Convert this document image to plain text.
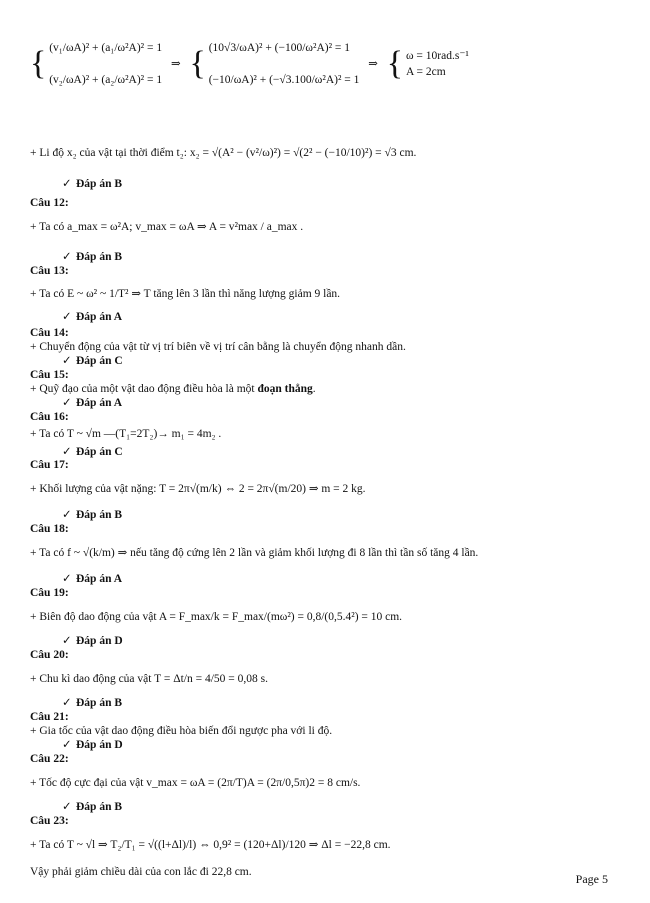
{ (v₁/ωA)² + (a₁/ω²A)² = 1

(v₂/ωA)² + (a₂/ω²A)² = 1 ⇒ { (10√3/ωA)² + (−100/ω²A)² = 1

(−10/ωA)² + (−√3.100/ω²A)² = 1 ⇒ { ω = 10rad.s⁻¹
A = 2cm
+ Li độ x₂ của vật tại thời điểm t₂: x₂ = √(A² − (v²/ω)²) = √(2² − (−10/10)²) = √3 cm.
✓ Đáp án B
Câu 12:
+ Ta có a_max = ω²A; v_max = ωA ⇒ A = v²max / a_max .
✓ Đáp án B
Câu 13:
+ Ta có E ~ ω² ~ 1/T² ⇒ T tăng lên 3 lần thì năng lượng giảm 9 lần.
✓ Đáp án A
Câu 14:
+ Chuyển động của vật từ vị trí biên về vị trí cân bằng là chuyển động nhanh dần.
✓ Đáp án C
Câu 15:
+ Quỹ đạo của một vật dao động điều hòa là một đoạn thẳng.
✓ Đáp án A
Câu 16:
+ Ta có T ~ √m —(T₁=2T₂)→ m₁ = 4m₂ .
✓ Đáp án C
Câu 17:
+ Khối lượng của vật nặng: T = 2π√(m/k) ⇔ 2 = 2π√(m/20) ⇒ m = 2 kg.
✓ Đáp án B
Câu 18:
+ Ta có f ~ √(k/m) ⇒ nếu tăng độ cứng lên 2 lần và giảm khối lượng đi 8 lần thì tần số tăng 4 lần.
✓ Đáp án A
Câu 19:
+ Biên độ dao động của vật A = F_max/k = F_max/(mω²) = 0,8/(0,5.4²) = 10 cm.
✓ Đáp án D
Câu 20:
+ Chu kì dao động của vật T = Δt/n = 4/50 = 0,08 s.
✓ Đáp án B
Câu 21:
+ Gia tốc của vật dao động điều hòa biến đổi ngược pha với li độ.
✓ Đáp án D
Câu 22:
+ Tốc độ cực đại của vật v_max = ωA = (2π/T)A = (2π/0,5π)2 = 8 cm/s.
✓ Đáp án B
Câu 23:
+ Ta có T ~ √l ⇒ T₂/T₁ = √((l+Δl)/l) ⇔ 0,9² = (120+Δl)/120 ⇒ Δl = −22,8 cm.
Vậy phải giảm chiều dài của con lắc đi 22,8 cm.	Page 5
